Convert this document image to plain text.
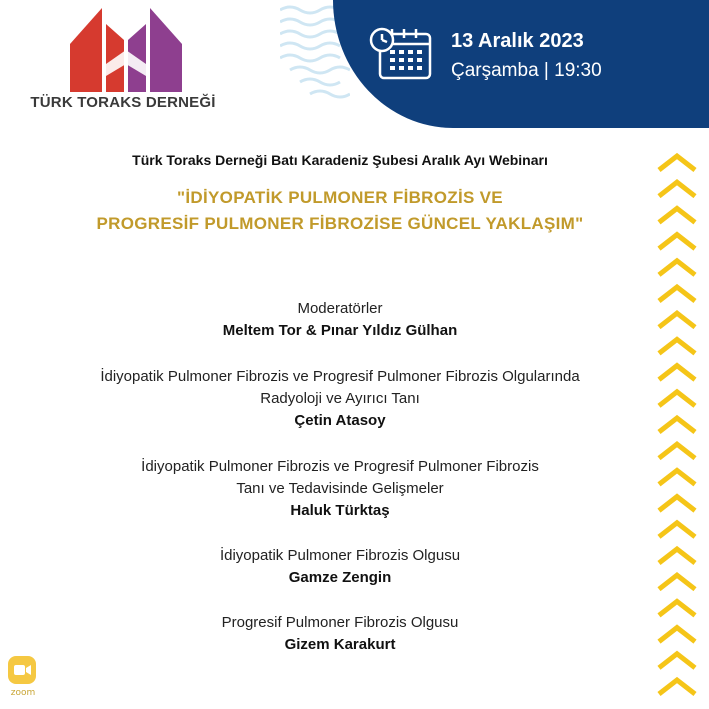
TÜRK TORAKS DERNEĞİ
13 Aralık 2023
Çarşamba | 19:30
Türk Toraks Derneği Batı Karadeniz Şubesi Aralık Ayı Webinarı
"İDİYOPATİK PULMONER FİBROZİS VE
PROGRESİF PULMONER FİBROZİSE GÜNCEL YAKLAŞIM"
Moderatörler
Meltem Tor & Pınar Yıldız Gülhan
İdiyopatik Pulmoner Fibrozis ve Progresif Pulmoner Fibrozis Olgularında
Radyoloji ve Ayırıcı Tanı
Çetin Atasoy
İdiyopatik Pulmoner Fibrozis ve Progresif Pulmoner Fibrozis
Tanı ve Tedavisinde Gelişmeler
Haluk Türktaş
İdiyopatik Pulmoner Fibrozis Olgusu
Gamze Zengin
Progresif Pulmoner Fibrozis Olgusu
Gizem Karakurt
zoom
